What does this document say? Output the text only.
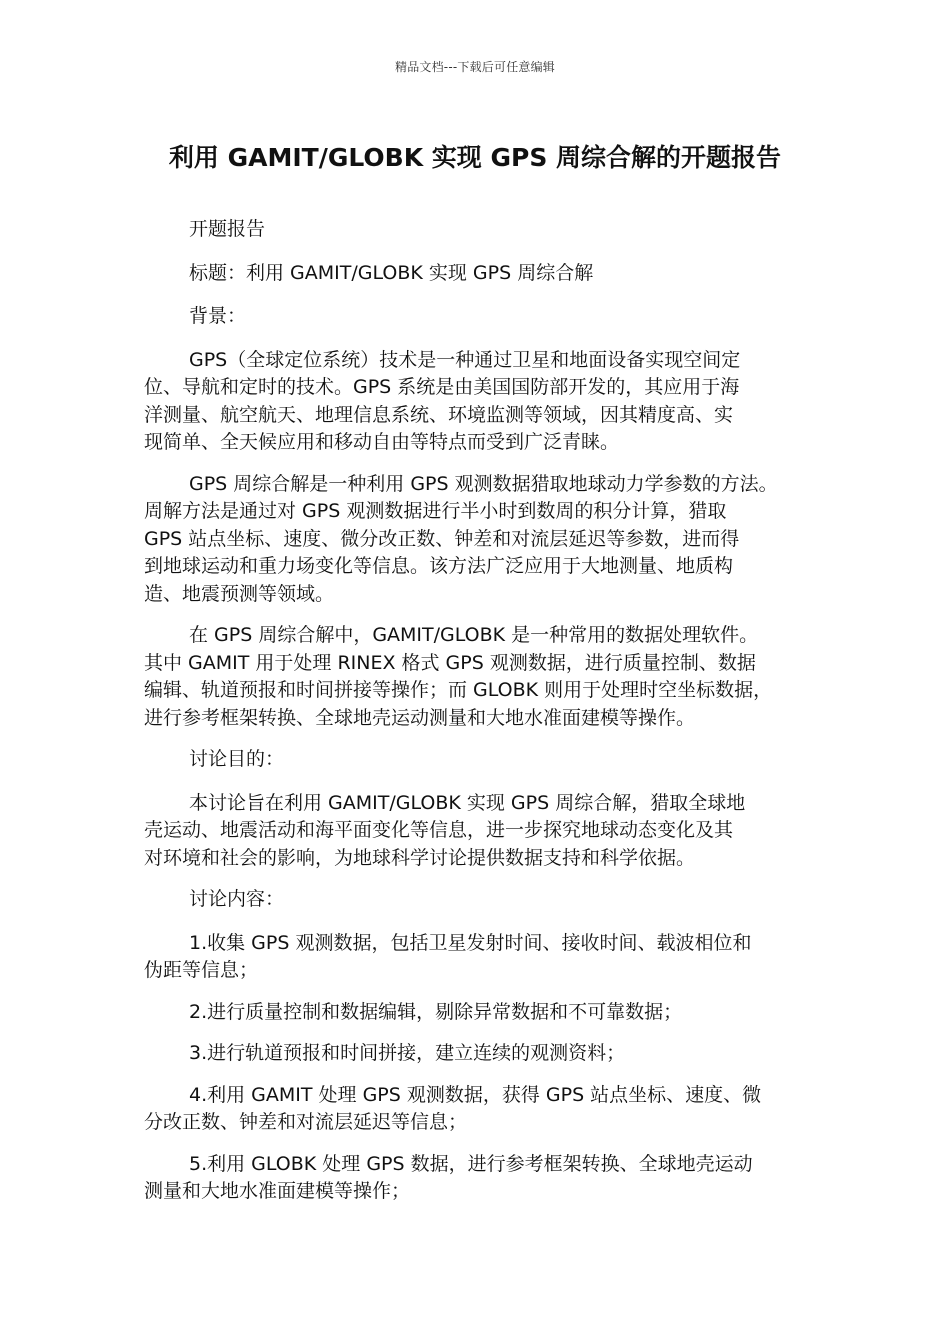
精品文档---下载后可任意编辑
利用 GAMIT/GLOBK 实现 GPS 周综合解的开题报告

开题报告

标题：利用 GAMIT/GLOBK 实现 GPS 周综合解

背景：

GPS（全球定位系统）技术是一种通过卫星和地面设备实现空间定
位、导航和定时的技术。GPS 系统是由美国国防部开发的，其应用于海
洋测量、航空航天、地理信息系统、环境监测等领域，因其精度高、实
现简单、全天候应用和移动自由等特点而受到广泛青睐。

GPS 周综合解是一种利用 GPS 观测数据猎取地球动力学参数的方法。
周解方法是通过对 GPS 观测数据进行半小时到数周的积分计算，猎取
GPS 站点坐标、速度、微分改正数、钟差和对流层延迟等参数，进而得
到地球运动和重力场变化等信息。该方法广泛应用于大地测量、地质构
造、地震预测等领域。

在 GPS 周综合解中，GAMIT/GLOBK 是一种常用的数据处理软件。
其中 GAMIT 用于处理 RINEX 格式 GPS 观测数据，进行质量控制、数据
编辑、轨道预报和时间拼接等操作；而 GLOBK 则用于处理时空坐标数据，
进行参考框架转换、全球地壳运动测量和大地水准面建模等操作。

讨论目的：

本讨论旨在利用 GAMIT/GLOBK 实现 GPS 周综合解，猎取全球地
壳运动、地震活动和海平面变化等信息，进一步探究地球动态变化及其
对环境和社会的影响，为地球科学讨论提供数据支持和科学依据。

讨论内容：

1.收集 GPS 观测数据，包括卫星发射时间、接收时间、载波相位和
伪距等信息；

2.进行质量控制和数据编辑，剔除异常数据和不可靠数据；

3.进行轨道预报和时间拼接，建立连续的观测资料；

4.利用 GAMIT 处理 GPS 观测数据，获得 GPS 站点坐标、速度、微
分改正数、钟差和对流层延迟等信息；

5.利用 GLOBK 处理 GPS 数据，进行参考框架转换、全球地壳运动
测量和大地水准面建模等操作；
